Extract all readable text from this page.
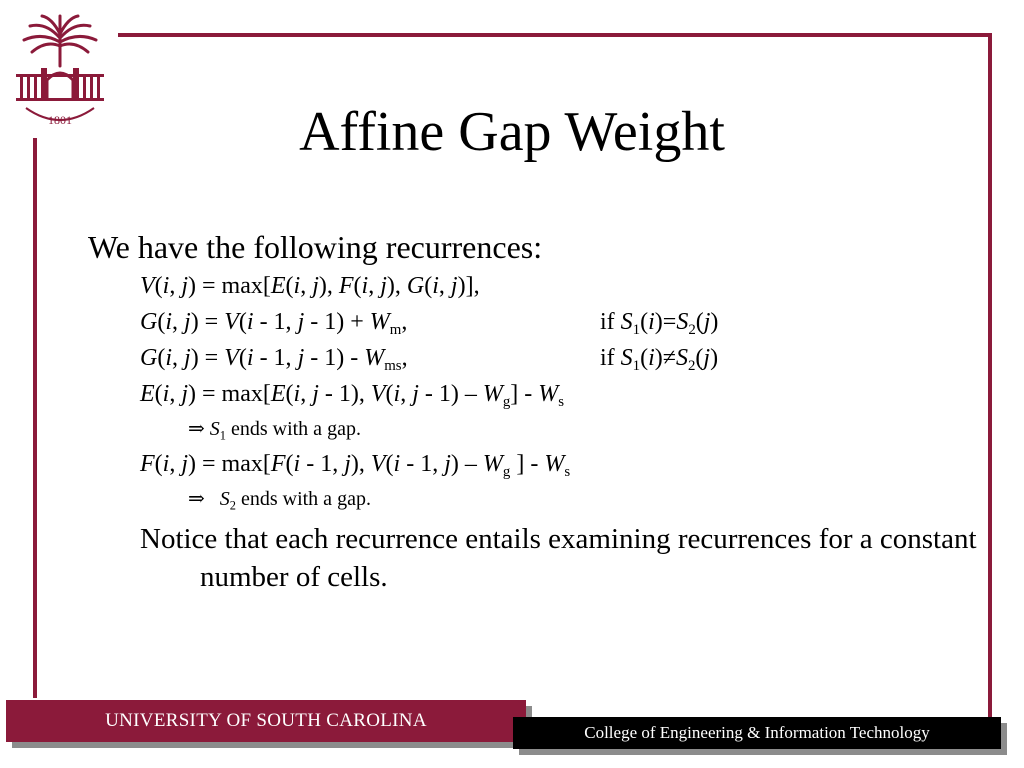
1801	Affine Gap Weight

We have the following recurrences:

V(i, j) = max[E(i, j), F(i, j), G(i, j)],

G(i, j) = V(i - 1, $j - 1) + W_m$,	if $S_1(i)=S_2(j)$

G(i, j) = V(i - 1, j - $1) - W_{ms}$,	if $S_1(i)\ne S_2(j)$

E(i, j) = max[E(i, j - 1), V(i, j - $1) - W_g] - W_s$

⇒ $S_1$ ends with a gap.

F(i, j) = max[F(i - 1, j), V(i - 1, $j) - W_g$ ] - $W_s$

⇒   $S_2$ ends with a gap.

Notice that each recurrence entails examining recurrences for a constant number of cells.

UNIVERSITY OF SOUTH CAROLINA
College of Engineering & Information Technology
